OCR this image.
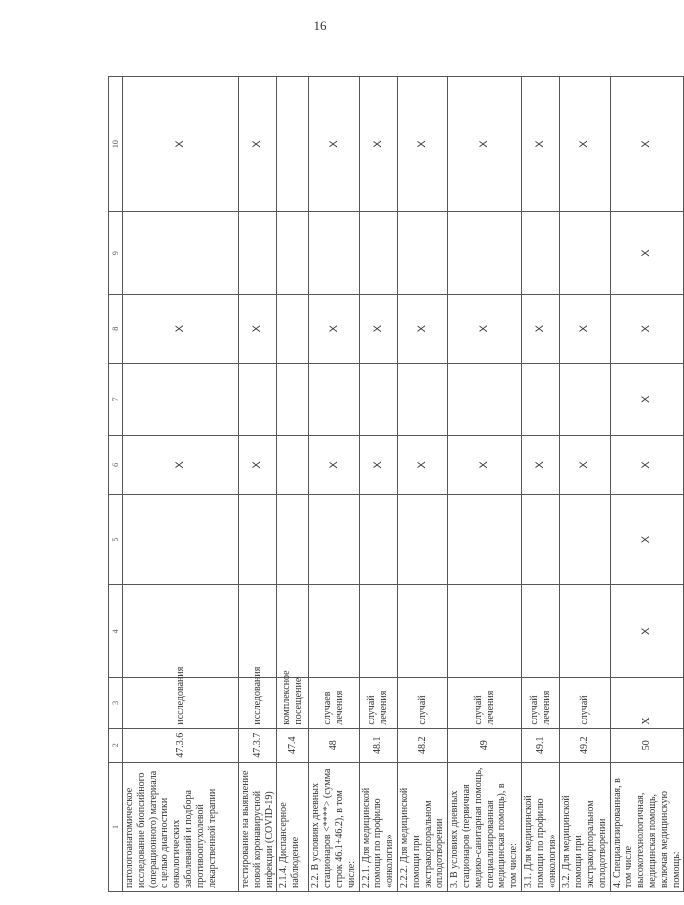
16
1	2	3	4	5	6	7	8	9	10
патологоанатомическое исследование биопсийного (операционного) материала с целью диагностики онкологических заболеваний и подбора противоопухолевой лекарственной терапии	47.3.6	исследования			X		X		X
тестирование на выявление новой коронавирусной инфекции (COVID-19)	47.3.7	исследования			X		X		X
2.1.4. Диспансерное наблюдение	47.4	комплексное посещение							
2.2. В условиях дневных стационаров <****> (сумма строк 46.1+46.2), в том числе:	48	случаев лечения			X		X		X
2.2.1. Для медицинской помощи по профилю «онкология»	48.1	случай лечения			X		X		X
2.2.2. Для медицинской помощи при экстракорпоральном оплодотворении	48.2	случай			X		X		X
3. В условиях дневных стационаров (первичная медико-санитарная помощь, специализированная медицинская помощь), в том числе:	49	случай лечения			X		X		X
3.1. Для медицинской помощи по профилю «онкология»	49.1	случай лечения			X		X		X
3.2. Для медицинской помощи при экстракорпоральном оплодотворении	49.2	случай			X		X		X
4. Специализированная, в том числе высокотехнологичная, медицинская помощь, включая медицинскую помощь:	50	X	X	X	X	X	X	X	X
